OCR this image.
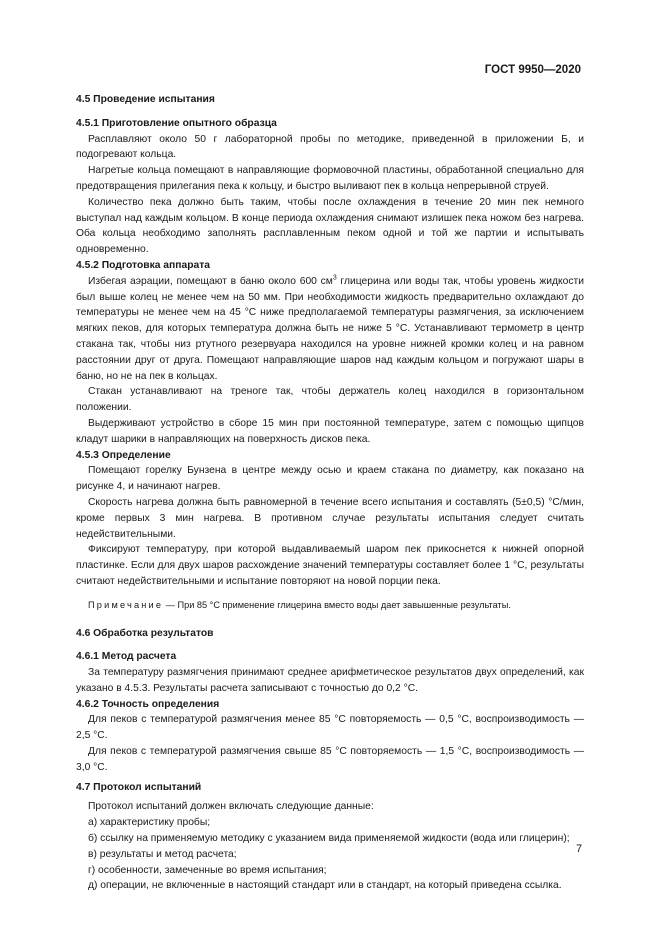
ГОСТ 9950—2020

4.5 Проведение испытания

4.5.1 Приготовление опытного образца

Расплавляют около 50 г лабораторной пробы по методике, приведенной в приложении Б, и подогревают кольца.

Нагретые кольца помещают в направляющие формовочной пластины, обработанной специально для предотвращения прилегания пека к кольцу, и быстро выливают пек в кольца непрерывной струей.

Количество пека должно быть таким, чтобы после охлаждения в течение 20 мин пек немного выступал над каждым кольцом. В конце периода охлаждения снимают излишек пека ножом без нагрева. Оба кольца необходимо заполнять расплавленным пеком одной и той же партии и испытывать одновременно.

4.5.2 Подготовка аппарата

Избегая аэрации, помещают в баню около 600 $см^3$ глицерина или воды так, чтобы уровень жидкости был выше колец не менее чем на 50 мм. При необходимости жидкость предварительно охлаждают до температуры не менее чем на 45 °С ниже предполагаемой температуры размягчения, за исключением мягких пеков, для которых температура должна быть не ниже 5 °С. Устанавливают термометр в центр стакана так, чтобы низ ртутного резервуара находился на уровне нижней кромки колец и на равном расстоянии друг от друга. Помещают направляющие шаров над каждым кольцом и погружают шары в баню, но не на пек в кольцах.

Стакан устанавливают на треноге так, чтобы держатель колец находился в горизонтальном положении.

Выдерживают устройство в сборе 15 мин при постоянной температуре, затем с помощью щипцов кладут шарики в направляющих на поверхность дисков пека.

4.5.3 Определение

Помещают горелку Бунзена в центре между осью и краем стакана по диаметру, как показано на рисунке 4, и начинают нагрев.

Скорость нагрева должна быть равномерной в течение всего испытания и составлять (5±0,5) °С/мин, кроме первых 3 мин нагрева. В противном случае результаты испытания следует считать недействительными.

Фиксируют температуру, при которой выдавливаемый шаром пек прикоснется к нижней опорной пластинке. Если для двух шаров расхождение значений температуры составляет более 1 °С, результаты считают недействительными и испытание повторяют на новой порции пека.

Примечание — При 85 °С применение глицерина вместо воды дает завышенные результаты.

4.6 Обработка результатов

4.6.1 Метод расчета

За температуру размягчения принимают среднее арифметическое результатов двух определений, как указано в 4.5.3. Результаты расчета записывают с точностью до 0,2 °С.

4.6.2 Точность определения

Для пеков с температурой размягчения менее 85 °С повторяемость — 0,5 °С, воспроизводимость — 2,5 °С.

Для пеков с температурой размягчения свыше 85 °С повторяемость — 1,5 °С, воспроизводимость — 3,0 °С.

4.7 Протокол испытаний

Протокол испытаний должен включать следующие данные:

а) характеристику пробы;

б) ссылку на применяемую методику с указанием вида применяемой жидкости (вода или глицерин);

в) результаты и метод расчета;

г) особенности, замеченные во время испытания;

д) операции, не включенные в настоящий стандарт или в стандарт, на который приведена ссылка.

7
